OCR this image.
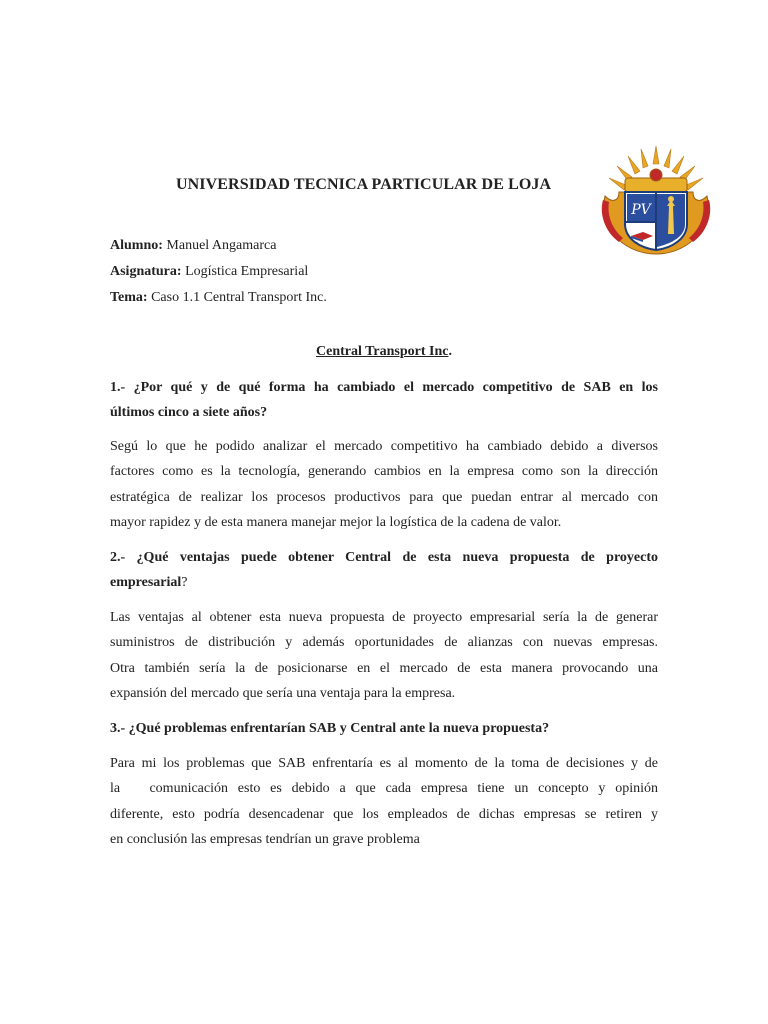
UNIVERSIDAD TECNICA PARTICULAR DE LOJA
PV
Alumno: Manuel Angamarca
Asignatura: Logística Empresarial
Tema: Caso 1.1 Central Transport Inc.
Central Transport Inc.
1.- ¿Por qué y de qué forma ha cambiado el mercado competitivo de SAB en los
últimos cinco a siete años?
Segú lo que he podido analizar el mercado competitivo ha cambiado debido a diversos
factores como es la tecnología, generando cambios en la empresa como son la dirección
estratégica de realizar los procesos productivos para que puedan entrar al mercado con
mayor rapidez y de esta manera manejar mejor la logística de la cadena de valor.
2.- ¿Qué ventajas puede obtener Central de esta nueva propuesta de proyecto
empresarial?
Las ventajas al obtener esta nueva propuesta de proyecto empresarial sería la de generar
suministros de distribución y además oportunidades de alianzas con nuevas empresas.
Otra también sería la de posicionarse en el mercado de esta manera provocando una
expansión del mercado que sería una ventaja para la empresa.
3.- ¿Qué problemas enfrentarían SAB y Central ante la nueva propuesta?
Para mi los problemas que SAB enfrentaría es al momento de la toma de decisiones y de
la   comunicación esto es debido a que cada empresa tiene un concepto y opinión
diferente, esto podría desencadenar que los empleados de dichas empresas se retiren y
en conclusión las empresas tendrían un grave problema
